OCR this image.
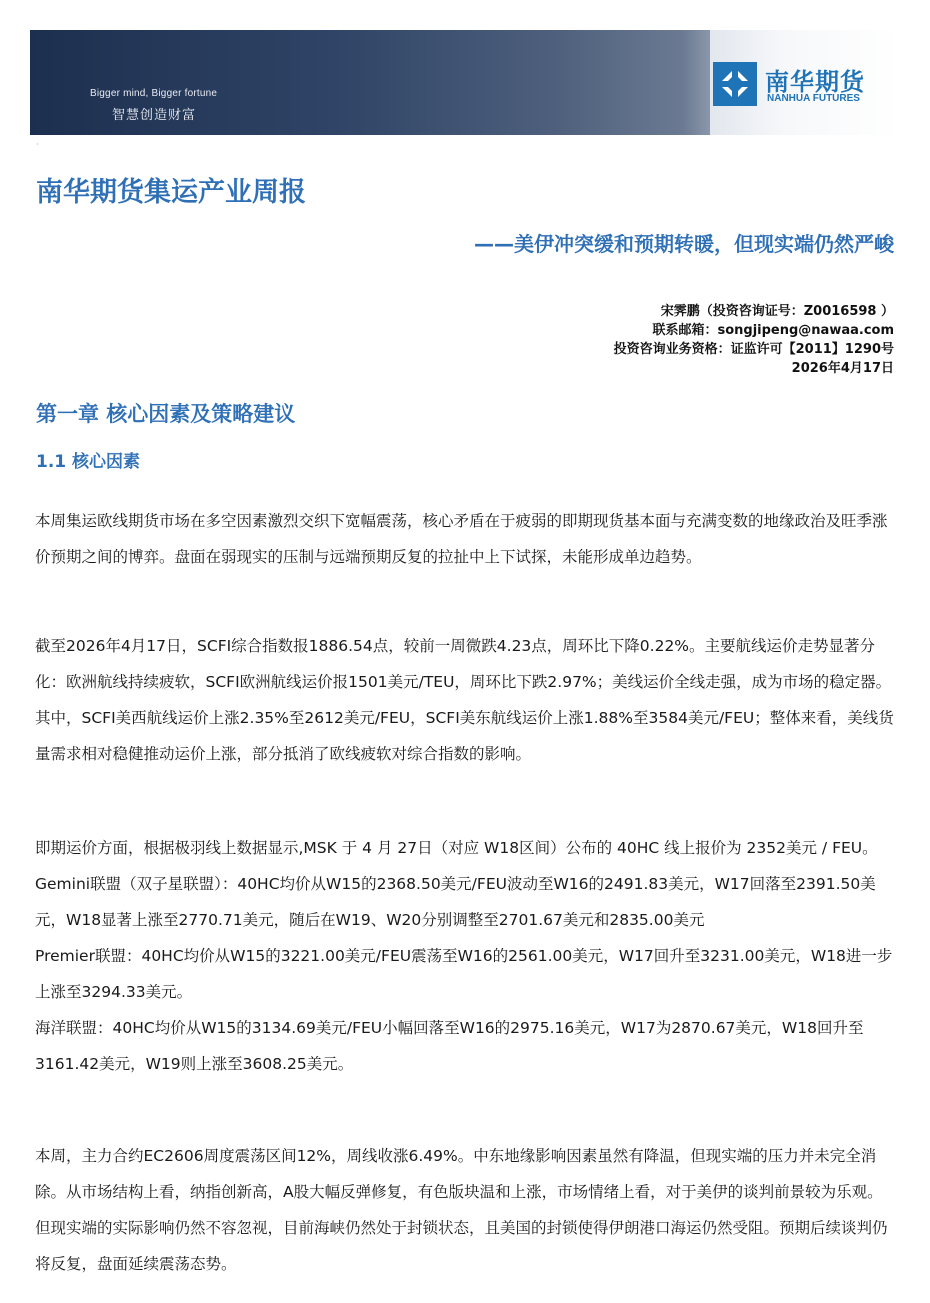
Bigger mind, Bigger fortune
智慧创造财富
南华期货
NANHUA FUTURES
·
南华期货集运产业周报
——美伊冲突缓和预期转暖，但现实端仍然严峻
宋霁鹏（投资咨询证号：Z0016598 ）
联系邮箱：songjipeng@nawaa.com
投资咨询业务资格：证监许可【2011】1290号
2026年4月17日
第一章 核心因素及策略建议
1.1 核心因素

本周集运欧线期货市场在多空因素激烈交织下宽幅震荡，核心矛盾在于疲弱的即期现货基本面与充满变数的地缘政治及旺季涨价预期之间的博弈。盘面在弱现实的压制与远端预期反复的拉扯中上下试探，未能形成单边趋势。

截至2026年4月17日，SCFI综合指数报1886.54点，较前一周微跌4.23点，周环比下降0.22%。主要航线运价走势显著分化：欧洲航线持续疲软，SCFI欧洲航线运价报1501美元/TEU，周环比下跌2.97%；美线运价全线走强，成为市场的稳定器。其中，SCFI美西航线运价上涨2.35%至2612美元/FEU，SCFI美东航线运价上涨1.88%至3584美元/FEU；整体来看，美线货量需求相对稳健推动运价上涨，部分抵消了欧线疲软对综合指数的影响。

即期运价方面，根据极羽线上数据显示,MSK 于 4 月 27日（对应 W18区间）公布的 40HC 线上报价为 2352美元 / FEU。

Gemini联盟（双子星联盟）：40HC均价从W15的2368.50美元/FEU波动至W16的2491.83美元，W17回落至2391.50美元，W18显著上涨至2770.71美元，随后在W19、W20分别调整至2701.67美元和2835.00美元

Premier联盟：40HC均价从W15的3221.00美元/FEU震荡至W16的2561.00美元，W17回升至3231.00美元，W18进一步上涨至3294.33美元。

海洋联盟：40HC均价从W15的3134.69美元/FEU小幅回落至W16的2975.16美元，W17为2870.67美元，W18回升至3161.42美元，W19则上涨至3608.25美元。

本周，主力合约EC2606周度震荡区间12%，周线收涨6.49%。中东地缘影响因素虽然有降温，但现实端的压力并未完全消除。从市场结构上看，纳指创新高，A股大幅反弹修复，有色版块温和上涨，市场情绪上看，对于美伊的谈判前景较为乐观。但现实端的实际影响仍然不容忽视，目前海峡仍然处于封锁状态，且美国的封锁使得伊朗港口海运仍然受阻。预期后续谈判仍将反复，盘面延续震荡态势。
